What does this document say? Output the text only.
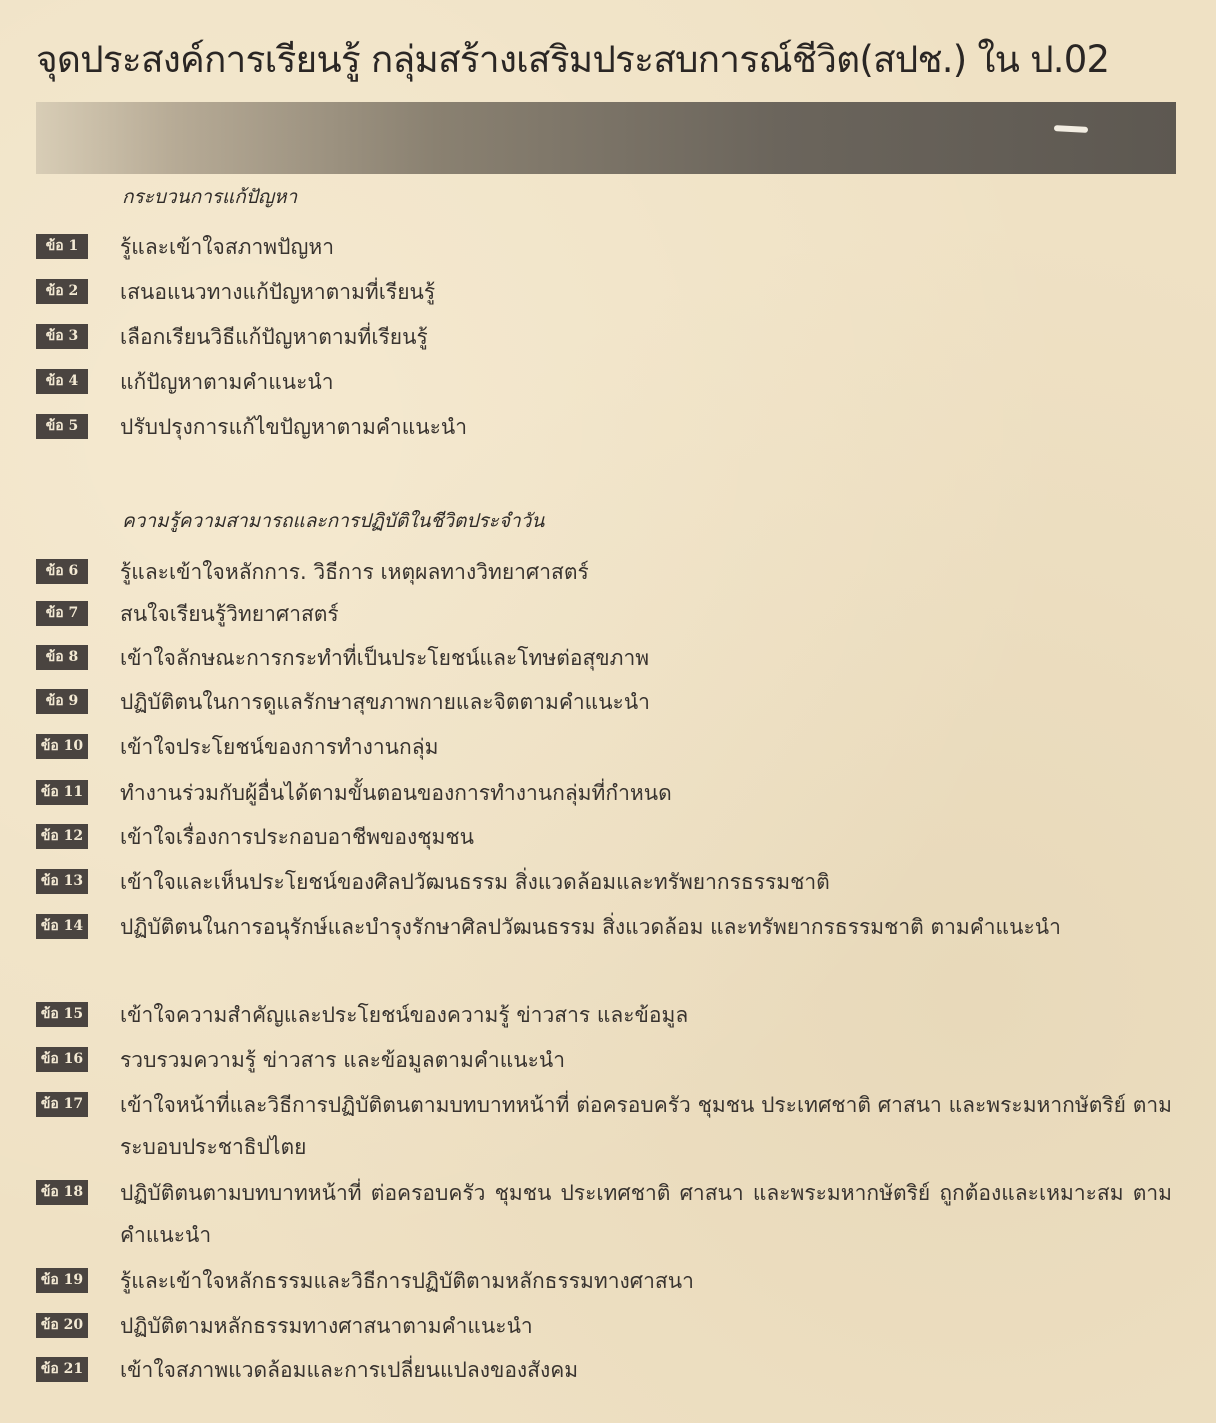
จุดประสงค์การเรียนรู้ กลุ่มสร้างเสริมประสบการณ์ชีวิต(สปช.) ใน ป.02
กระบวนการแก้ปัญหา
ข้อ 1	รู้และเข้าใจสภาพปัญหา
ข้อ 2	เสนอแนวทางแก้ปัญหาตามที่เรียนรู้
ข้อ 3	เลือกเรียนวิธีแก้ปัญหาตามที่เรียนรู้
ข้อ 4	แก้ปัญหาตามคำแนะนำ
ข้อ 5	ปรับปรุงการแก้ไขปัญหาตามคำแนะนำ
ความรู้ความสามารถและการปฏิบัติในชีวิตประจำวัน
ข้อ 6	รู้และเข้าใจหลักการ. วิธีการ เหตุผลทางวิทยาศาสตร์
ข้อ 7	สนใจเรียนรู้วิทยาศาสตร์
ข้อ 8	เข้าใจลักษณะการกระทำที่เป็นประโยชน์และโทษต่อสุขภาพ
ข้อ 9	ปฏิบัติตนในการดูแลรักษาสุขภาพกายและจิตตามคำแนะนำ
ข้อ 10 เข้าใจประโยชน์ของการทำงานกลุ่ม
ข้อ 11 ทำงานร่วมกับผู้อื่นได้ตามขั้นตอนของการทำงานกลุ่มที่กำหนด
ข้อ 12 เข้าใจเรื่องการประกอบอาชีพของชุมชน
ข้อ 13 เข้าใจและเห็นประโยชน์ของศิลปวัฒนธรรม สิ่งแวดล้อมและทรัพยากรธรรมชาติ
ข้อ 14 ปฏิบัติตนในการอนุรักษ์และบำรุงรักษาศิลปวัฒนธรรม สิ่งแวดล้อม และทรัพยากรธรรมชาติ ตามคำแนะนำ
ข้อ 15 เข้าใจความสำคัญและประโยชน์ของความรู้ ข่าวสาร และข้อมูล
ข้อ 16 รวบรวมความรู้ ข่าวสาร และข้อมูลตามคำแนะนำ
ข้อ 17 เข้าใจหน้าที่และวิธีการปฏิบัติตนตามบทบาทหน้าที่ ต่อครอบครัว ชุมชน ประเทศชาติ ศาสนา และพระมหากษัตริย์ ตามระบอบประชาธิปไตย
ข้อ 18 ปฏิบัติตนตามบทบาทหน้าที่ ต่อครอบครัว ชุมชน ประเทศชาติ ศาสนา และพระมหากษัตริย์ ถูกต้องและเหมาะสม ตามคำแนะนำ
ข้อ 19 รู้และเข้าใจหลักธรรมและวิธีการปฏิบัติตามหลักธรรมทางศาสนา
ข้อ 20 ปฏิบัติตามหลักธรรมทางศาสนาตามคำแนะนำ
ข้อ 21 เข้าใจสภาพแวดล้อมและการเปลี่ยนแปลงของสังคม
